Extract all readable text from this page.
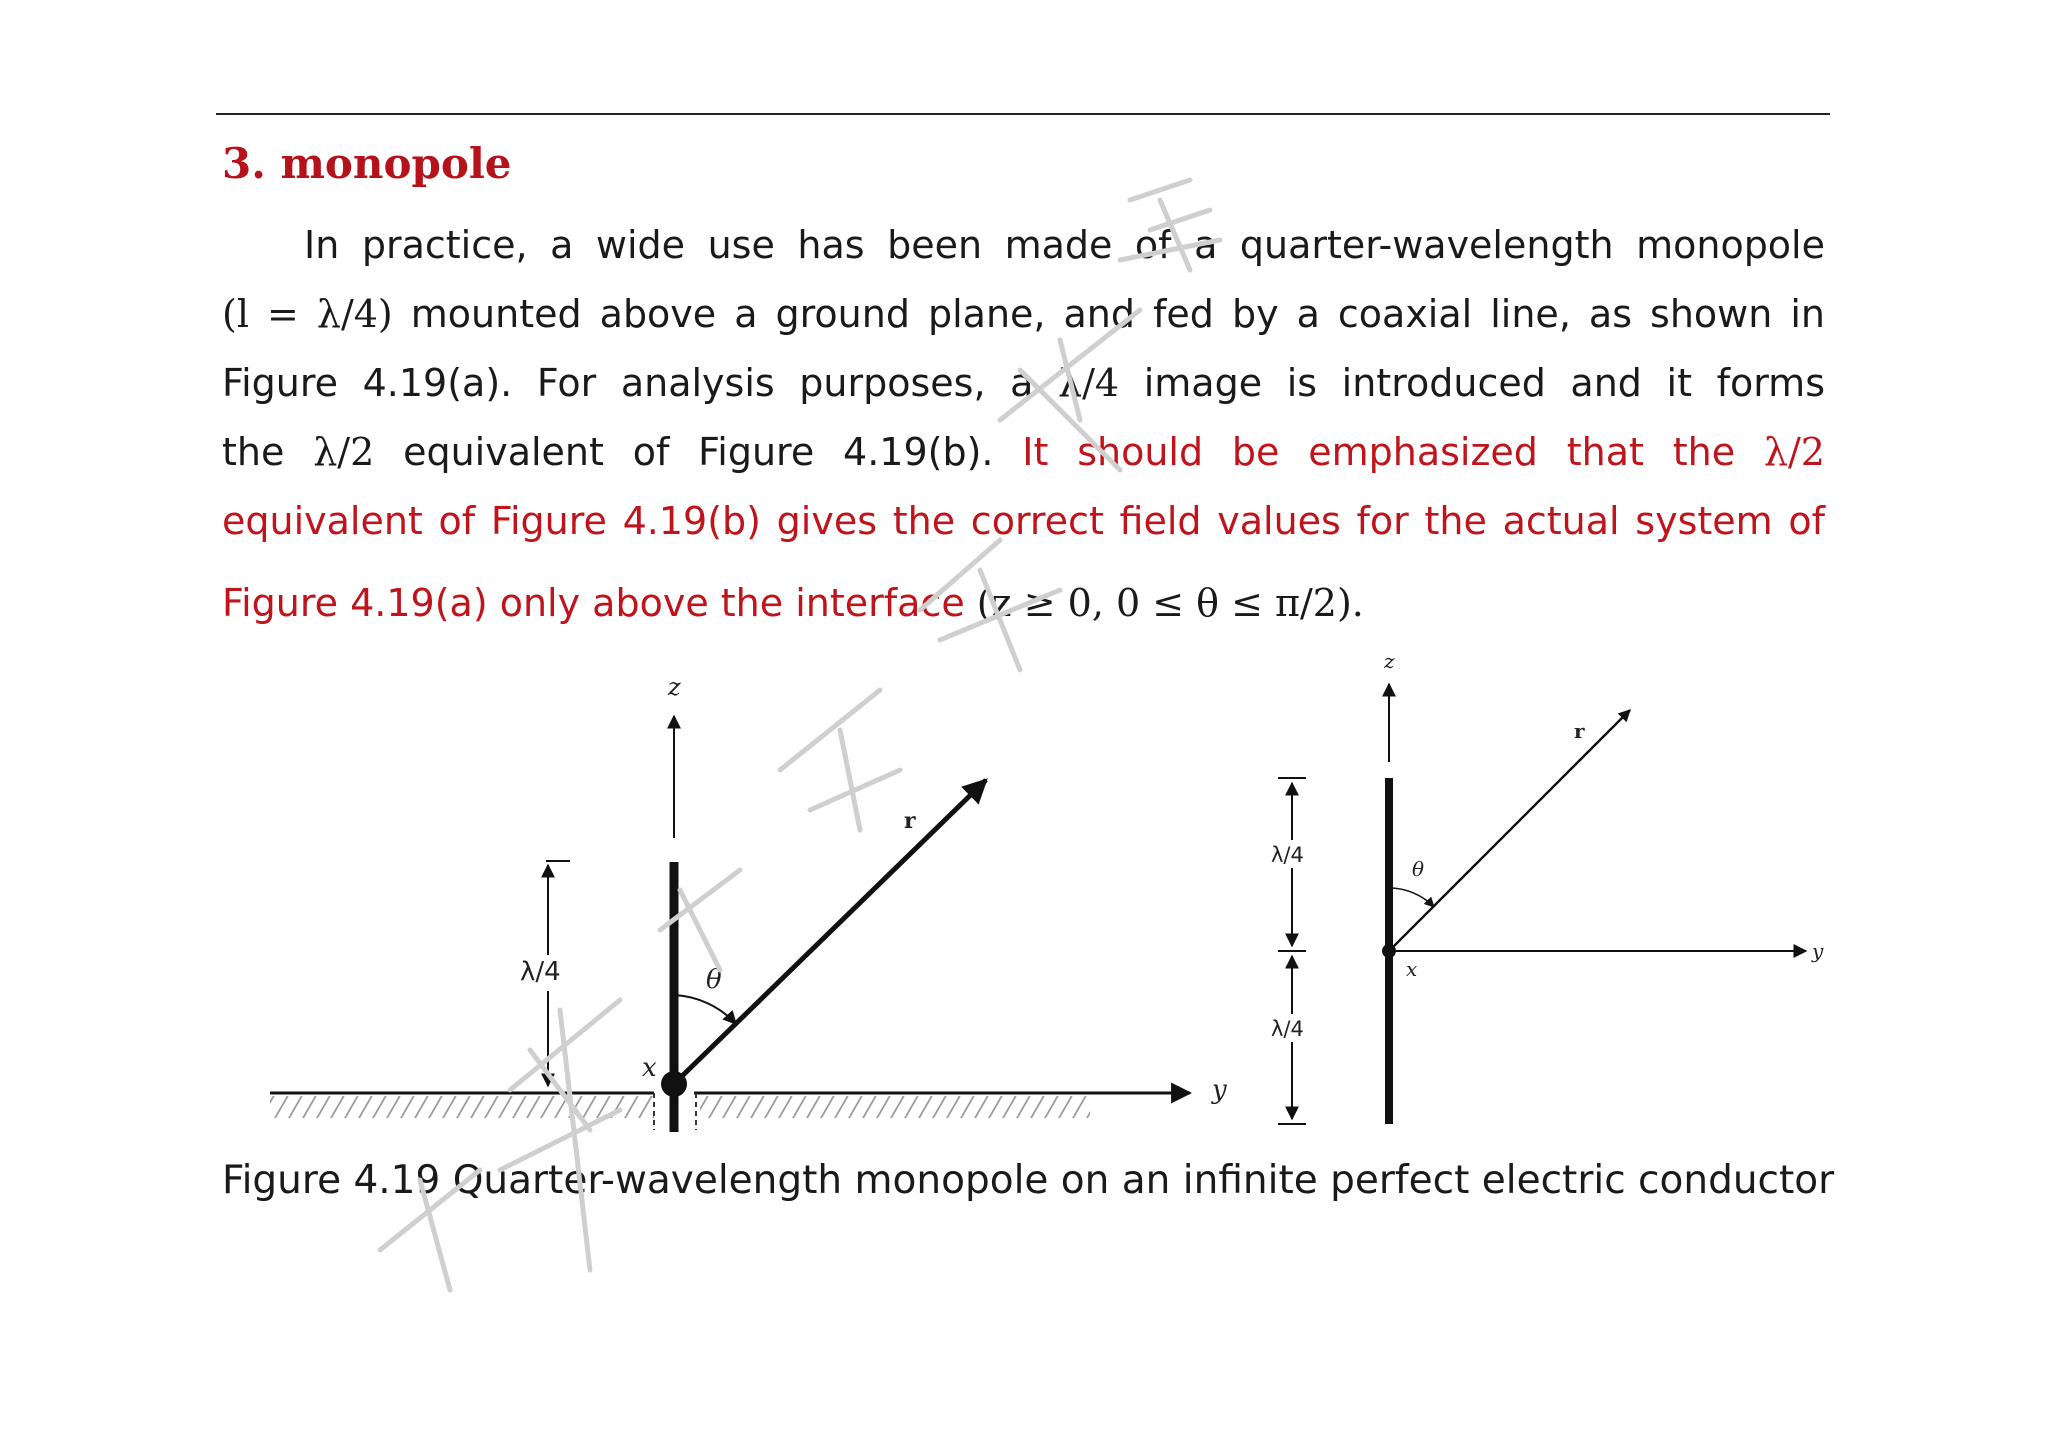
3. monopole
In practice, a wide use has been made of a quarter-wavelength monopole
(l = λ/4) mounted above a ground plane, and fed by a coaxial line, as shown in
Figure 4.19(a). For analysis purposes, a λ/4 image is introduced and it forms
the λ/2 equivalent of Figure 4.19(b). It should be emphasized that the λ/2
equivalent of Figure 4.19(b) gives the correct field values for the actual system of
Figure 4.19(a) only above the interface (z ≥ 0, 0 ≤ θ ≤ π/2).
z
r
θ
x
y
λ/4
z
y
x
r
θ
λ/4
λ/4
Figure 4.19 Quarter-wavelength monopole on an infinite perfect electric conductor
